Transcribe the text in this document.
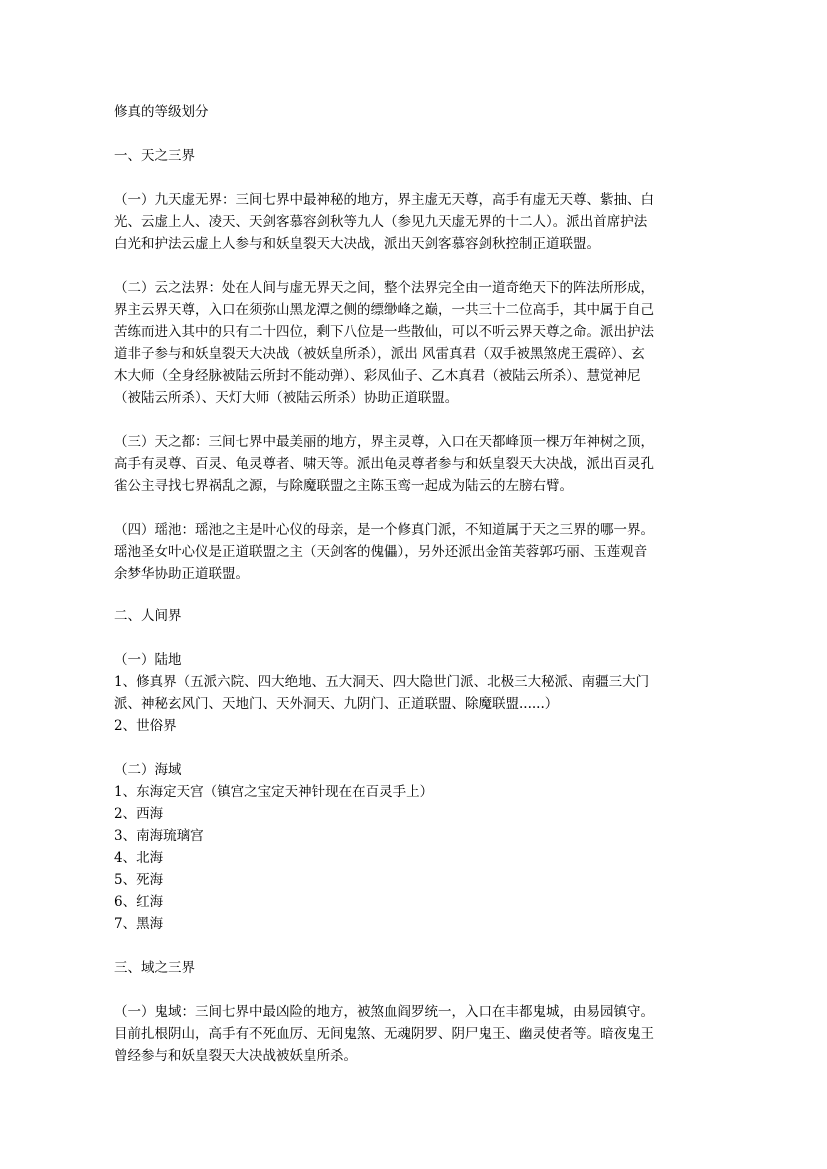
修真的等级划分

一、天之三界

（一）九天虚无界：三间七界中最神秘的地方，界主虚无天尊，高手有虚无天尊、紫抽、白
光、云虚上人、凌天、天剑客慕容剑秋等九人（参见九天虚无界的十二人）。派出首席护法
白光和护法云虚上人参与和妖皇裂天大决战，派出天剑客慕容剑秋控制正道联盟。

（二）云之法界：处在人间与虚无界天之间，整个法界完全由一道奇绝天下的阵法所形成，
界主云界天尊，入口在须弥山黑龙潭之侧的缥缈峰之巅，一共三十二位高手，其中属于自己
苦练而进入其中的只有二十四位，剩下八位是一些散仙，可以不听云界天尊之命。派出护法
道非子参与和妖皇裂天大决战（被妖皇所杀），派出 风雷真君（双手被黑煞虎王震碎）、玄
木大师（全身经脉被陆云所封不能动弹）、彩凤仙子、乙木真君（被陆云所杀）、慧觉神尼
（被陆云所杀）、天灯大师（被陆云所杀）协助正道联盟。

（三）天之都：三间七界中最美丽的地方，界主灵尊，入口在天都峰顶一棵万年神树之顶，
高手有灵尊、百灵、龟灵尊者、啸天等。派出龟灵尊者参与和妖皇裂天大决战，派出百灵孔
雀公主寻找七界祸乱之源，与除魔联盟之主陈玉鸾一起成为陆云的左膀右臂。

（四）瑶池：瑶池之主是叶心仪的母亲，是一个修真门派，不知道属于天之三界的哪一界。
瑶池圣女叶心仪是正道联盟之主（天剑客的傀儡），另外还派出金笛芙蓉郭巧丽、玉莲观音
余梦华协助正道联盟。

二、人间界

（一）陆地
1、修真界（五派六院、四大绝地、五大洞天、四大隐世门派、北极三大秘派、南疆三大门
派、神秘玄风门、天地门、天外洞天、九阴门、正道联盟、除魔联盟......）
2、世俗界

（二）海域
1、东海定天宫（镇宫之宝定天神针现在在百灵手上）
2、西海
3、南海琉璃宫
4、北海
5、死海
6、红海
7、黑海

三、域之三界

（一）鬼域：三间七界中最凶险的地方，被煞血阎罗统一，入口在丰都鬼城，由易园镇守。
目前扎根阴山，高手有不死血厉、无间鬼煞、无魂阴罗、阴尸鬼王、幽灵使者等。暗夜鬼王
曾经参与和妖皇裂天大决战被妖皇所杀。
